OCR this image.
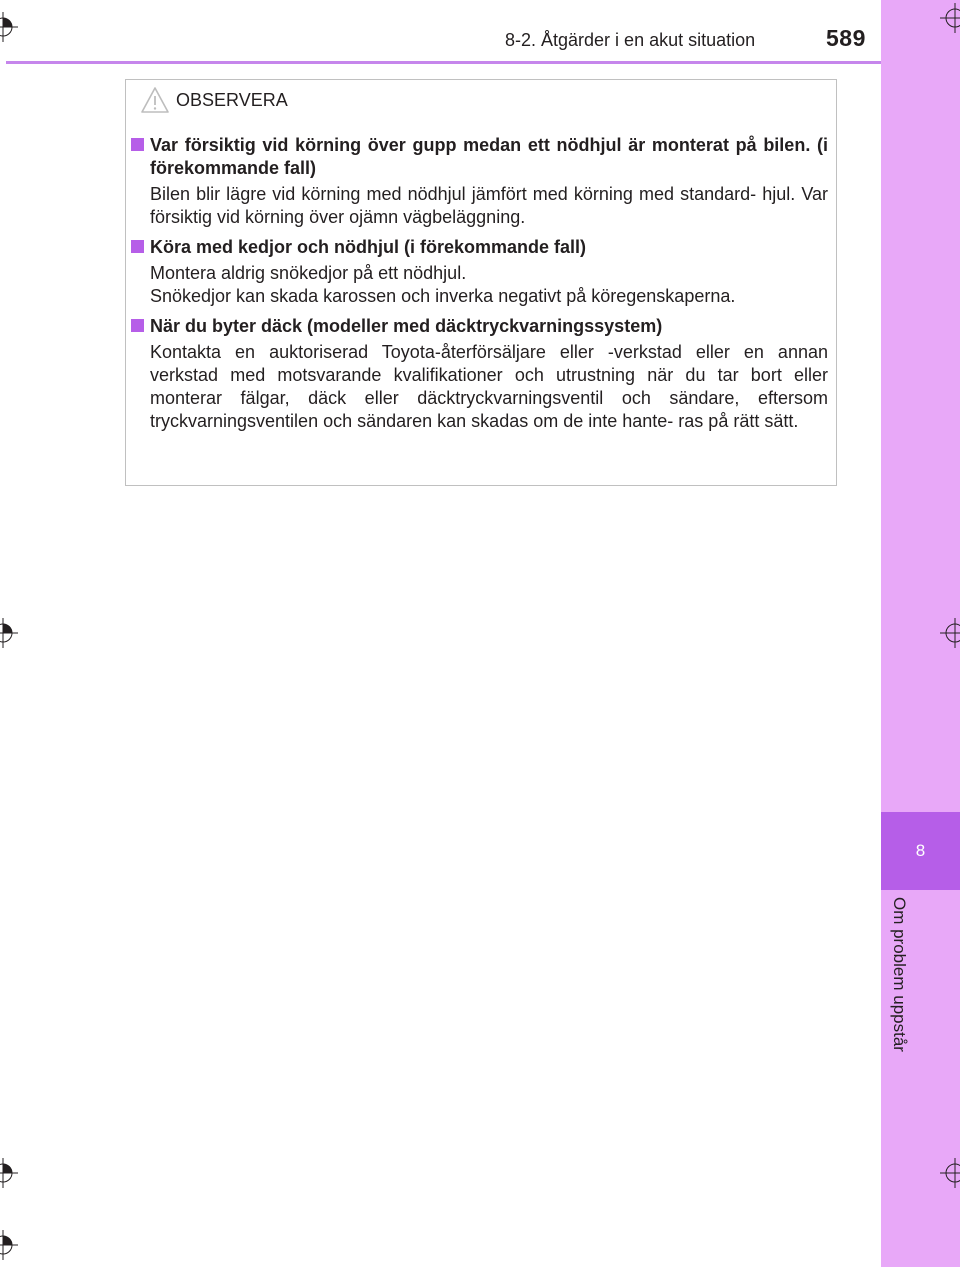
8
Om problem uppstår
8-2. Åtgärder i en akut situation	589
OBSERVERA
Var försiktig vid körning över gupp medan ett nödhjul är monterat på bilen. (i förekommande fall)

Bilen blir lägre vid körning med nödhjul jämfört med körning med standard- hjul. Var försiktig vid körning över ojämn vägbeläggning.

Köra med kedjor och nödhjul (i förekommande fall)

Montera aldrig snökedjor på ett nödhjul.

Snökedjor kan skada karossen och inverka negativt på köregenskaperna.

När du byter däck (modeller med däcktryckvarningssystem)

Kontakta en auktoriserad Toyota-återförsäljare eller -verkstad eller en annan verkstad med motsvarande kvalifikationer och utrustning när du tar bort eller monterar fälgar, däck eller däcktryckvarningsventil och sändare, eftersom tryckvarningsventilen och sändaren kan skadas om de inte hante- ras på rätt sätt.
